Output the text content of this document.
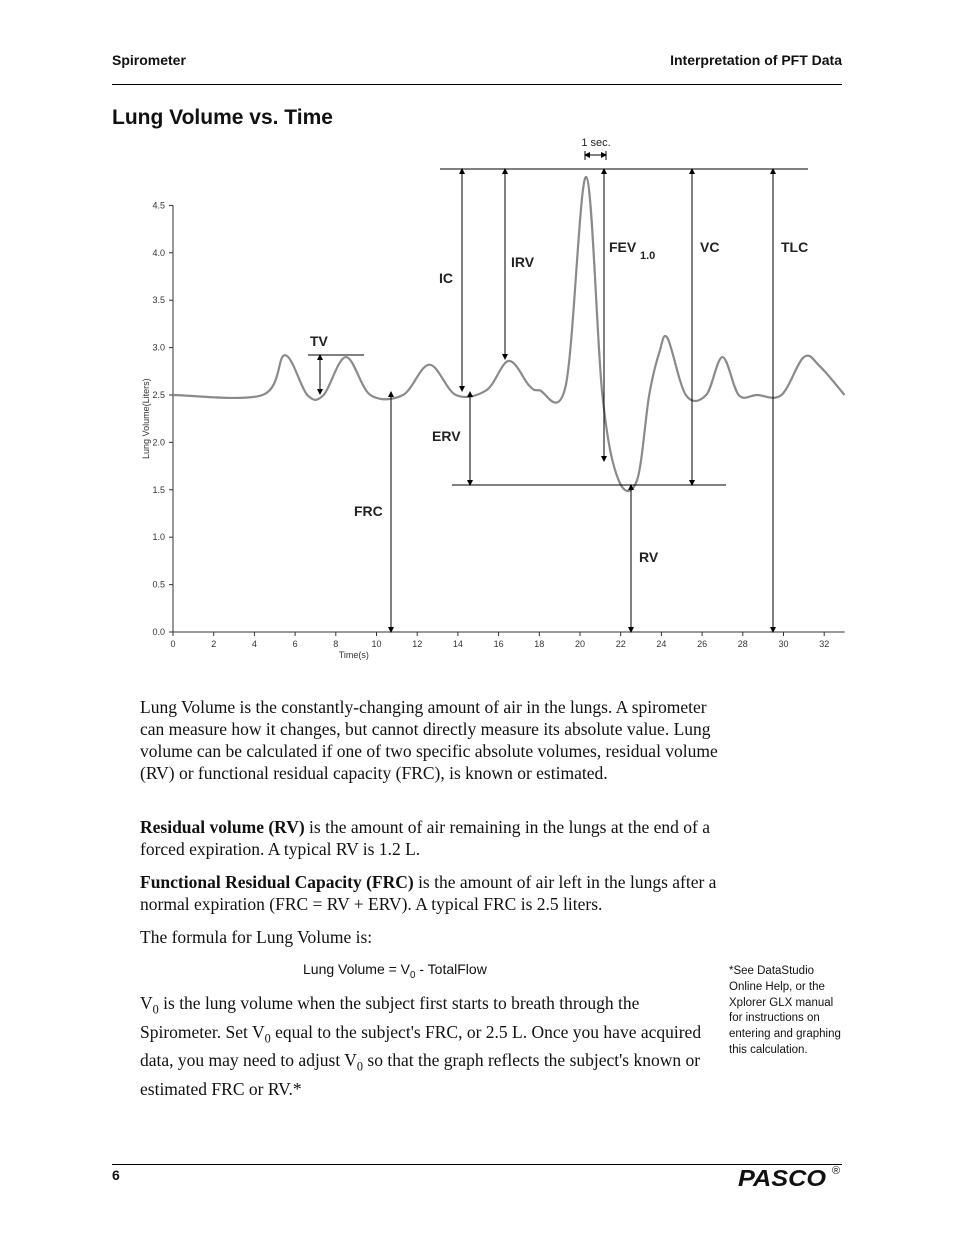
Spirometer	Interpretation of PFT Data
Lung Volume vs. Time
0	2	4	6	8	10	12	14	16	18	20	22	24	26	28	30	32
0.0
0.5
1.0
1.5
2.0
2.5
3.0
3.5
4.0
4.5
Time(s)
Lung Volume(Liters)
1 sec.
TV
IC
IRV
ERV
FRC
FEV
1.0
VC	TLC
RV
Lung Volume is the constantly-changing amount of air in the lungs. A spirometer can measure how it changes, but cannot directly measure its absolute value. Lung volume can be calculated if one of two specific absolute volumes, residual volume (RV) or functional residual capacity (FRC), is known or estimated.
Residual volume (RV) is the amount of air remaining in the lungs at the end of a forced expiration. A typical RV is 1.2 L.
Functional Residual Capacity (FRC) is the amount of air left in the lungs after a normal expiration (FRC = RV + ERV). A typical FRC is 2.5 liters.
The formula for Lung Volume is:
Lung Volume = $V_0$ - TotalFlow
$V_0$ is the lung volume when the subject first starts to breath through the Spirometer. Set $V_0$ equal to the subject's FRC, or 2.5 L. Once you have acquired data, you may need to adjust $V_0$ so that the graph reflects the subject's known or estimated FRC or RV.*
*See DataStudio Online Help, or the Xplorer GLX manual for instructions on entering and graphing this calculation.
6	PASCO ®
